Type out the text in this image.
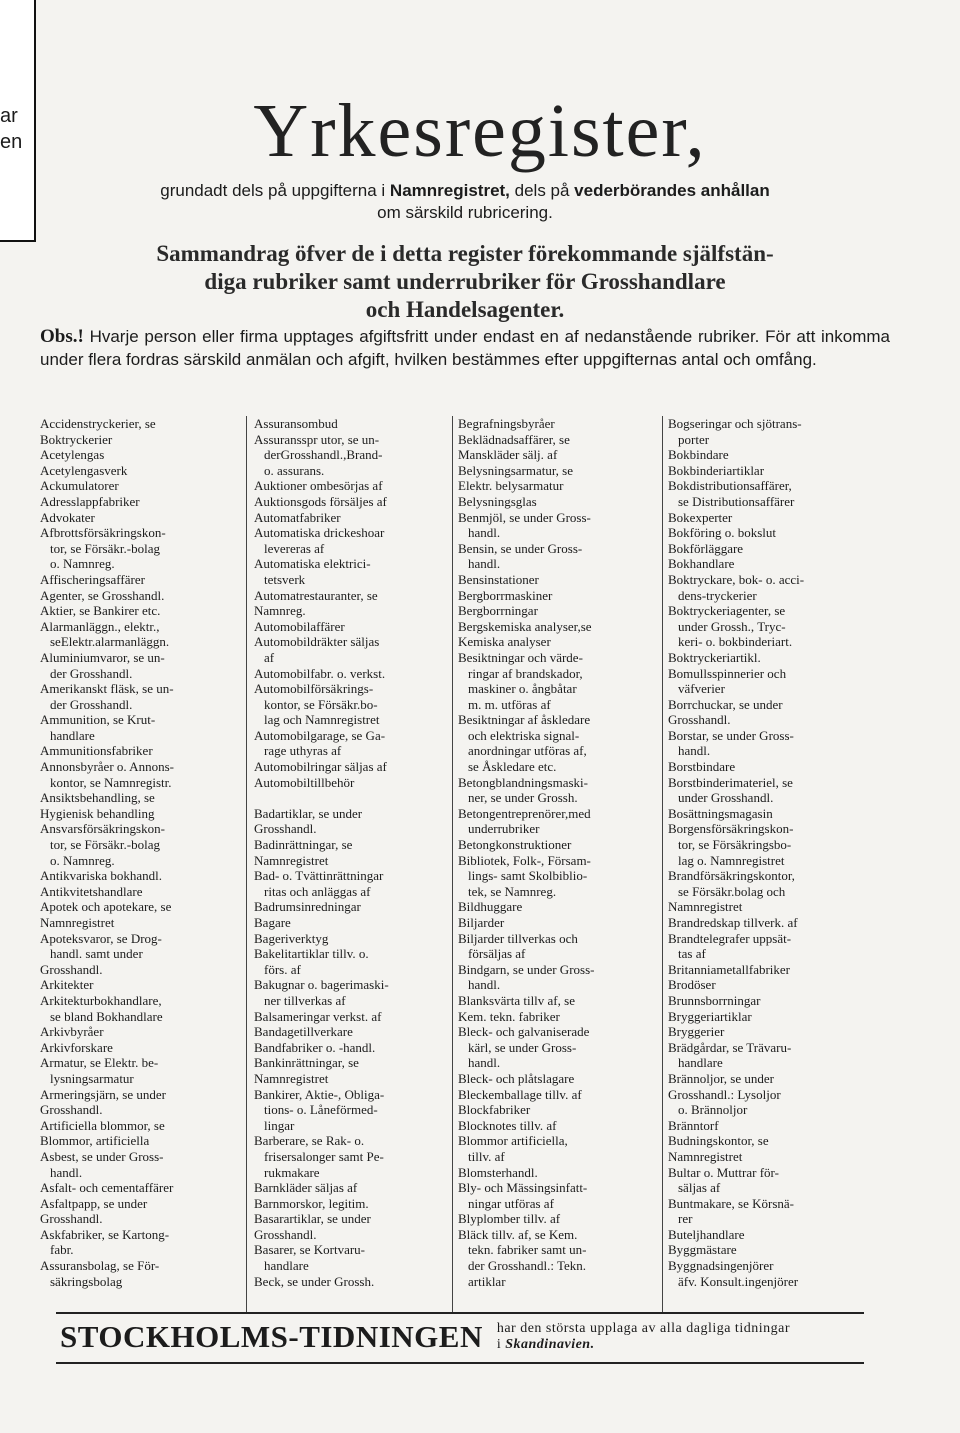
ar
en	Yrkesregister,
grundadt dels på uppgifterna i Namnregistret, dels på vederbörandes anhållan
om särskild rubricering.
Sammandrag öfver de i detta register förekommande själfstän-
diga rubriker samt underrubriker för Grosshandlare
och Handelsagenter.
Obs.! Hvarje person eller firma upptages afgiftsfritt under endast en af nedanstående rubriker. För att inkomma under flera fordras särskild anmälan och afgift, hvilken bestämmes efter uppgifternas antal och omfång.
Accidenstryckerier, se
Boktryckerier
Acetylengas
Acetylengasverk
Ackumulatorer
Adresslappfabriker
Advokater
Afbrottsförsäkringskon-
tor, se Försäkr.-bolag
o. Namnreg.
Affischeringsaffärer
Agenter, se Grosshandl.
Aktier, se Bankirer etc.
Alarmanläggn., elektr.,
seElektr.alarmanläggn.
Aluminiumvaror, se un-
der Grosshandl.
Amerikanskt fläsk, se un-
der Grosshandl.
Ammunition, se Krut-
handlare
Ammunitionsfabriker
Annonsbyråer o. Annons-
kontor, se Namnregistr.
Ansiktsbehandling, se
Hygienisk behandling
Ansvarsförsäkringskon-
tor, se Försäkr.-bolag
o. Namnreg.
Antikvariska bokhandl.
Antikvitetshandlare
Apotek och apotekare, se
Namnregistret
Apoteksvaror, se Drog-
handl. samt under
Grosshandl.
Arkitekter
Arkitekturbokhandlare,
se bland Bokhandlare
Arkivbyråer
Arkivforskare
Armatur, se Elektr. be-
lysningsarmatur
Armeringsjärn, se under
Grosshandl.
Artificiella blommor, se
Blommor, artificiella
Asbest, se under Gross-
handl.
Asfalt- och cementaffärer
Asfaltpapp, se under
Grosshandl.
Askfabriker, se Kartong-
fabr.
Assuransbolag, se För-
säkringsbolag
Assuransombud
Assuransspr utor, se un-
derGrosshandl.,Brand-
o. assurans.
Auktioner ombesörjas af
Auktionsgods försäljes af
Automatfabriker
Automatiska drickeshoar
levereras af
Automatiska elektrici-
tetsverk
Automatrestauranter, se
Namnreg.
Automobilaffärer
Automobildräkter säljas
af
Automobilfabr. o. verkst.
Automobilförsäkrings-
kontor, se Försäkr.bo-
lag och Namnregistret
Automobilgarage, se Ga-
rage uthyras af
Automobilringar säljas af
Automobiltillbehör

Badartiklar, se under
Grosshandl.
Badinrättningar, se
Namnregistret
Bad- o. Tvättinrättningar
ritas och anläggas af
Badrumsinredningar
Bagare
Bageriverktyg
Bakelitartiklar tillv. o.
förs. af
Bakugnar o. bagerimaski-
ner tillverkas af
Balsameringar verkst. af
Bandagetillverkare
Bandfabriker o. -handl.
Bankinrättningar, se
Namnregistret
Bankirer, Aktie-, Obliga-
tions- o. Låneförmed-
lingar
Barberare, se Rak- o.
frisersalonger samt Pe-
rukmakare
Barnkläder säljas af
Barnmorskor, legitim.
Basarartiklar, se under
Grosshandl.
Basarer, se Kortvaru-
handlare
Beck, se under Grossh.
Begrafningsbyråer
Beklädnadsaffärer, se
Manskläder sälj. af
Belysningsarmatur, se
Elektr. belysarmatur
Belysningsglas
Benmjöl, se under Gross-
handl.
Bensin, se under Gross-
handl.
Bensinstationer
Bergborrmaskiner
Bergborrningar
Bergskemiska analyser,se
Kemiska analyser
Besiktningar och värde-
ringar af brandskador,
maskiner o. ångbåtar
m. m. utföras af
Besiktningar af åskledare
och elektriska signal-
anordningar utföras af,
se Åskledare etc.
Betongblandningsmaski-
ner, se under Grossh.
Betongentreprenörer,med
underrubriker
Betongkonstruktioner
Bibliotek, Folk-, Försam-
lings- samt Skolbiblio-
tek, se Namnreg.
Bildhuggare
Biljarder
Biljarder tillverkas och
försäljas af
Bindgarn, se under Gross-
handl.
Blanksvärta tillv af, se
Kem. tekn. fabriker
Bleck- och galvaniserade
kärl, se under Gross-
handl.
Bleck- och plåtslagare
Bleckemballage tillv. af
Blockfabriker
Blocknotes tillv. af
Blommor artificiella,
tillv. af
Blomsterhandl.
Bly- och Mässingsinfatt-
ningar utföras af
Blyplomber tillv. af
Bläck tillv. af, se Kem.
tekn. fabriker samt un-
der Grosshandl.: Tekn.
artiklar
Bogseringar och sjötrans-
porter
Bokbindare
Bokbinderiartiklar
Bokdistributionsaffärer,
se Distributionsaffärer
Bokexperter
Bokföring o. bokslut
Bokförläggare
Bokhandlare
Boktryckare, bok- o. acci-
dens-tryckerier
Boktryckeriagenter, se
under Grossh., Tryc-
keri- o. bokbinderiart.
Boktryckeriartikl.
Bomullsspinnerier och
väfverier
Borrchuckar, se under
Grosshandl.
Borstar, se under Gross-
handl.
Borstbindare
Borstbinderimateriel, se
under Grosshandl.
Bosättningsmagasin
Borgensförsäkringskon-
tor, se Försäkringsbo-
lag o. Namnregistret
Brandförsäkringskontor,
se Försäkr.bolag och
Namnregistret
Brandredskap tillverk. af
Brandtelegrafer uppsät-
tas af
Britanniametallfabriker
Brodöser
Brunnsborrningar
Bryggeriartiklar
Bryggerier
Brädgårdar, se Trävaru-
handlare
Brännoljor, se under
Grosshandl.: Lysoljor
o. Brännoljor
Bränntorf
Budningskontor, se
Namnregistret
Bultar o. Muttrar för-
säljas af
Buntmakare, se Körsnä-
rer
Buteljhandlare
Byggmästare
Byggnadsingenjörer
äfv. Konsult.ingenjörer
STOCKHOLMS-TIDNINGEN har den största upplaga av alla dagliga tidningar
i Skandinavien.
